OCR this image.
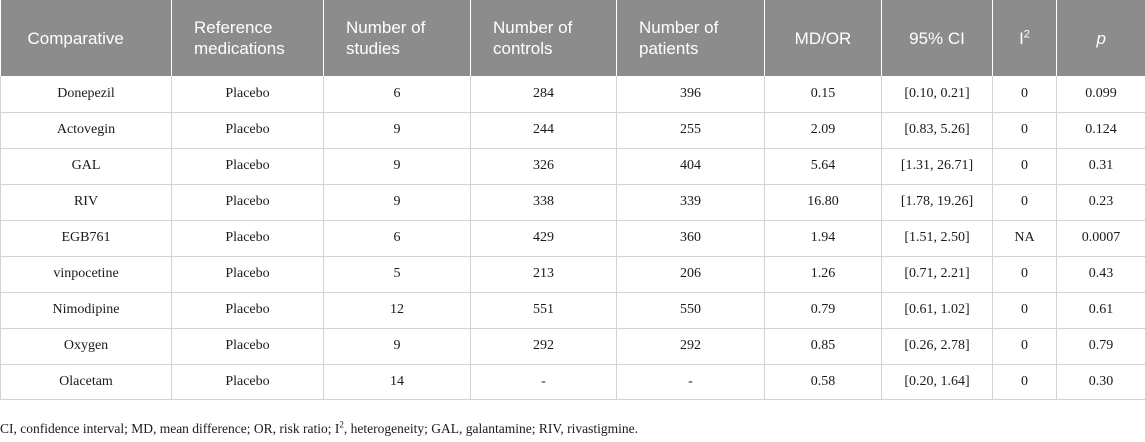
Comparative	Reference medications	Number of studies	Number of controls	Number of patients	MD/OR	95% CI	$I^2$	p
Donepezil	Placebo	6	284	396	0.15	[0.10, 0.21]	0	0.099
Actovegin	Placebo	9	244	255	2.09	[0.83, 5.26]	0	0.124
GAL	Placebo	9	326	404	5.64	[1.31, 26.71]	0	0.31
RIV	Placebo	9	338	339	16.80	[1.78, 19.26]	0	0.23
EGB761	Placebo	6	429	360	1.94	[1.51, 2.50]	NA	0.0007
vinpocetine	Placebo	5	213	206	1.26	[0.71, 2.21]	0	0.43
Nimodipine	Placebo	12	551	550	0.79	[0.61, 1.02]	0	0.61
Oxygen	Placebo	9	292	292	0.85	[0.26, 2.78]	0	0.79
Olacetam	Placebo	14	-	-	0.58	[0.20, 1.64]	0	0.30
CI, confidence interval; MD, mean difference; OR, risk ratio; $I^2$, heterogeneity; GAL, galantamine; RIV, rivastigmine.
